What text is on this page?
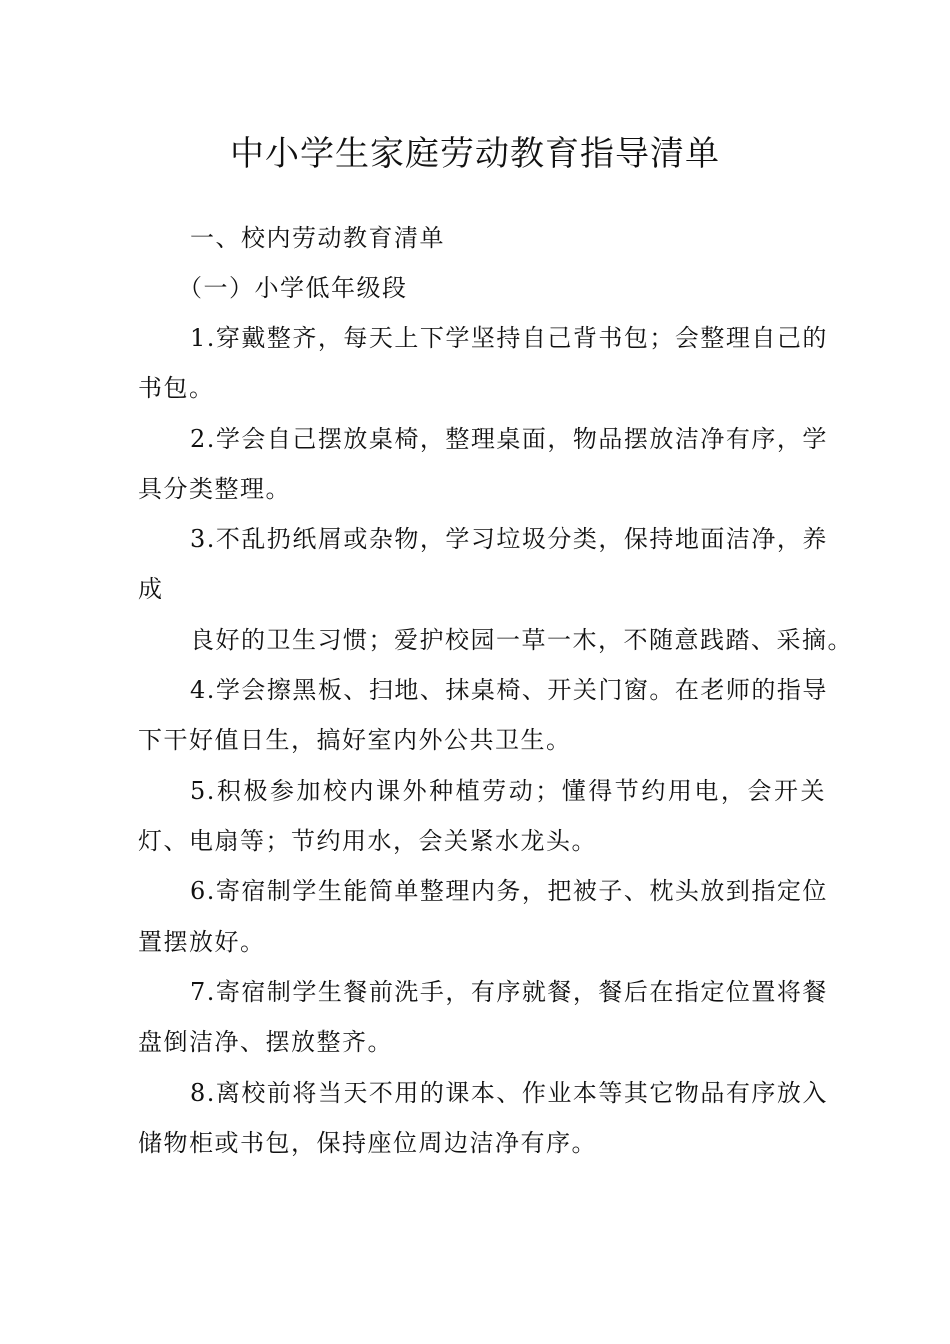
中小学生家庭劳动教育指导清单
一、校内劳动教育清单
（一）小学低年级段
1.穿戴整齐，每天上下学坚持自己背书包；会整理自己的
书包。
2.学会自己摆放桌椅，整理桌面，物品摆放洁净有序，学
具分类整理。
3.不乱扔纸屑或杂物，学习垃圾分类，保持地面洁净，养
成
良好的卫生习惯；爱护校园一草一木，不随意践踏、采摘。
4.学会擦黑板、扫地、抹桌椅、开关门窗。在老师的指导
下干好值日生，搞好室内外公共卫生。
5.积极参加校内课外种植劳动；懂得节约用电，会开关
灯、电扇等；节约用水，会关紧水龙头。
6.寄宿制学生能简单整理内务，把被子、枕头放到指定位
置摆放好。
7.寄宿制学生餐前洗手，有序就餐，餐后在指定位置将餐
盘倒洁净、摆放整齐。
8.离校前将当天不用的课本、作业本等其它物品有序放入
储物柜或书包，保持座位周边洁净有序。
